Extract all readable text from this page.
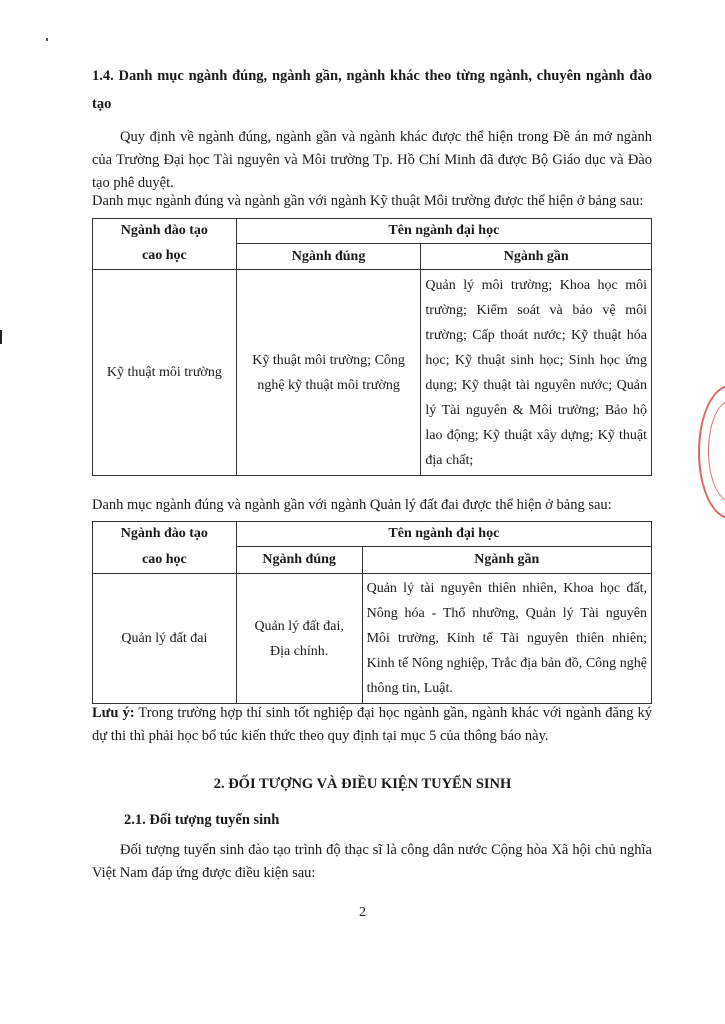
1.4. Danh mục ngành đúng, ngành gần, ngành khác theo từng ngành, chuyên ngành đào tạo
Quy định về ngành đúng, ngành gần và ngành khác được thể hiện trong Đề án mở ngành của Trường Đại học Tài nguyên và Môi trường Tp. Hồ Chí Minh đã được Bộ Giáo dục và Đào tạo phê duyệt.
Danh mục ngành đúng và ngành gần với ngành Kỹ thuật Môi trường được thể hiện ở bảng sau:
Ngành đào tạo	Tên ngành đại học	
cao học	Ngành đúng	Ngành gần
Kỹ thuật môi trường	Kỹ thuật môi trường; Công nghệ kỹ thuật môi trường	Quản lý môi trường; Khoa học môi trường; Kiểm soát và bảo vệ môi trường; Cấp thoát nước; Kỹ thuật hóa học; Kỹ thuật sinh học; Sinh học ứng dụng; Kỹ thuật tài nguyên nước; Quản lý Tài nguyên & Môi trường; Bảo hộ lao động; Kỹ thuật xây dựng; Kỹ thuật địa chất;
Danh mục ngành đúng và ngành gần với ngành Quản lý đất đai được thể hiện ở bảng sau:
Ngành đào tạo	Tên ngành đại học	
cao học	Ngành đúng	Ngành gần
Quản lý đất đai	Quản lý đất đai, Địa chính.	Quản lý tài nguyên thiên nhiên, Khoa học đất, Nông hóa - Thổ nhưỡng, Quản lý Tài nguyên Môi trường, Kinh tế Tài nguyên thiên nhiên; Kinh tế Nông nghiệp, Trắc địa bản đồ, Công nghệ thông tin, Luật.
Lưu ý: Trong trường hợp thí sinh tốt nghiệp đại học ngành gần, ngành khác với ngành đăng ký dự thi thì phải học bổ túc kiến thức theo quy định tại mục 5 của thông báo này.
2. ĐỐI TƯỢNG VÀ ĐIỀU KIỆN TUYỂN SINH
2.1. Đối tượng tuyển sinh
Đối tượng tuyển sinh đào tạo trình độ thạc sĩ là công dân nước Cộng hòa Xã hội chủ nghĩa Việt Nam đáp ứng được điều kiện sau:
2
